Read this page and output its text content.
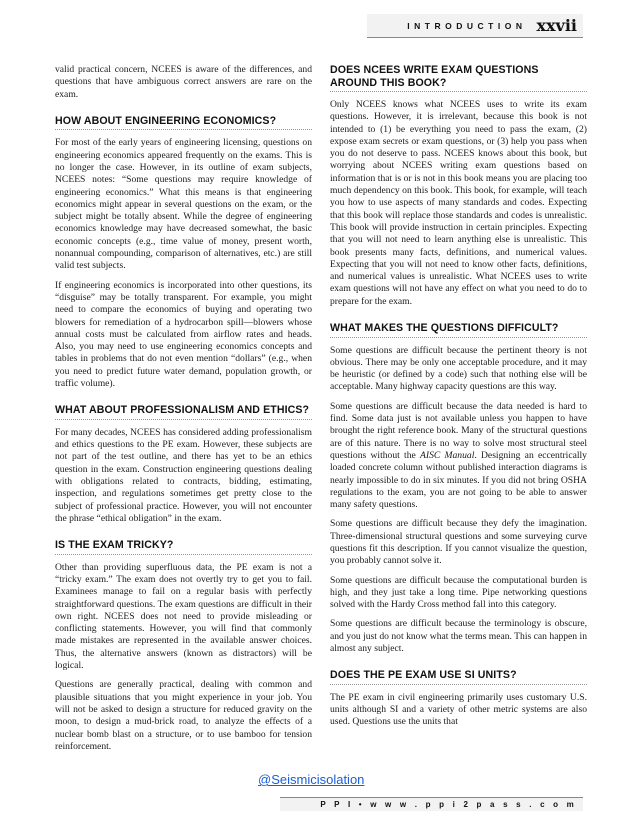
INTRODUCTION xxvii

valid practical concern, NCEES is aware of the differences, and questions that have ambiguous correct answers are rare on the exam.

HOW ABOUT ENGINEERING ECONOMICS?

For most of the early years of engineering licensing, questions on engineering economics appeared frequently on the exams. This is no longer the case. However, in its outline of exam subjects, NCEES notes: “Some questions may require knowledge of engineering economics.” What this means is that engineering economics might appear in several questions on the exam, or the subject might be totally absent. While the degree of engineering economics knowledge may have decreased somewhat, the basic economic concepts (e.g., time value of money, present worth, nonannual compounding, comparison of alternatives, etc.) are still valid test subjects.

If engineering economics is incorporated into other questions, its “disguise” may be totally transparent. For example, you might need to compare the economics of buying and operating two blowers for remediation of a hydrocarbon spill—blowers whose annual costs must be calculated from airflow rates and heads. Also, you may need to use engineering economics concepts and tables in problems that do not even mention “dollars” (e.g., when you need to predict future water demand, population growth, or traffic volume).

WHAT ABOUT PROFESSIONALISM AND ETHICS?

For many decades, NCEES has considered adding professionalism and ethics questions to the PE exam. However, these subjects are not part of the test outline, and there has yet to be an ethics question in the exam. Construction engineering questions dealing with obligations related to contracts, bidding, estimating, inspection, and regulations sometimes get pretty close to the subject of professional practice. However, you will not encounter the phrase “ethical obligation” in the exam.

IS THE EXAM TRICKY?

Other than providing superfluous data, the PE exam is not a “tricky exam.” The exam does not overtly try to get you to fail. Examinees manage to fail on a regular basis with perfectly straightforward questions. The exam questions are difficult in their own right. NCEES does not need to provide misleading or conflicting statements. However, you will find that commonly made mistakes are represented in the available answer choices. Thus, the alternative answers (known as distractors) will be logical.

Questions are generally practical, dealing with common and plausible situations that you might experience in your job. You will not be asked to design a structure for reduced gravity on the moon, to design a mud-brick road, to analyze the effects of a nuclear bomb blast on a structure, or to use bamboo for tension reinforcement.

DOES NCEES WRITE EXAM QUESTIONS AROUND THIS BOOK?

Only NCEES knows what NCEES uses to write its exam questions. However, it is irrelevant, because this book is not intended to (1) be everything you need to pass the exam, (2) expose exam secrets or exam questions, or (3) help you pass when you do not deserve to pass. NCEES knows about this book, but worrying about NCEES writing exam questions based on information that is or is not in this book means you are placing too much dependency on this book. This book, for example, will teach you how to use aspects of many standards and codes. Expecting that this book will replace those standards and codes is unrealistic. This book will provide instruction in certain principles. Expecting that you will not need to learn anything else is unrealistic. This book presents many facts, definitions, and numerical values. Expecting that you will not need to know other facts, definitions, and numerical values is unrealistic. What NCEES uses to write exam questions will not have any effect on what you need to do to prepare for the exam.

WHAT MAKES THE QUESTIONS DIFFICULT?

Some questions are difficult because the pertinent theory is not obvious. There may be only one acceptable procedure, and it may be heuristic (or defined by a code) such that nothing else will be acceptable. Many highway capacity questions are this way.

Some questions are difficult because the data needed is hard to find. Some data just is not available unless you happen to have brought the right reference book. Many of the structural questions are of this nature. There is no way to solve most structural steel questions without the AISC Manual. Designing an eccentrically loaded concrete column without published interaction diagrams is nearly impossible to do in six minutes. If you did not bring OSHA regulations to the exam, you are not going to be able to answer many safety questions.

Some questions are difficult because they defy the imagination. Three-dimensional structural questions and some surveying curve questions fit this description. If you cannot visualize the question, you probably cannot solve it.

Some questions are difficult because the computational burden is high, and they just take a long time. Pipe networking questions solved with the Hardy Cross method fall into this category.

Some questions are difficult because the terminology is obscure, and you just do not know what the terms mean. This can happen in almost any subject.

DOES THE PE EXAM USE SI UNITS?

The PE exam in civil engineering primarily uses customary U.S. units although SI and a variety of other metric systems are also used. Questions use the units that

@Seismicisolation
P P I • w w w . p p i 2 p a s s . c o m
